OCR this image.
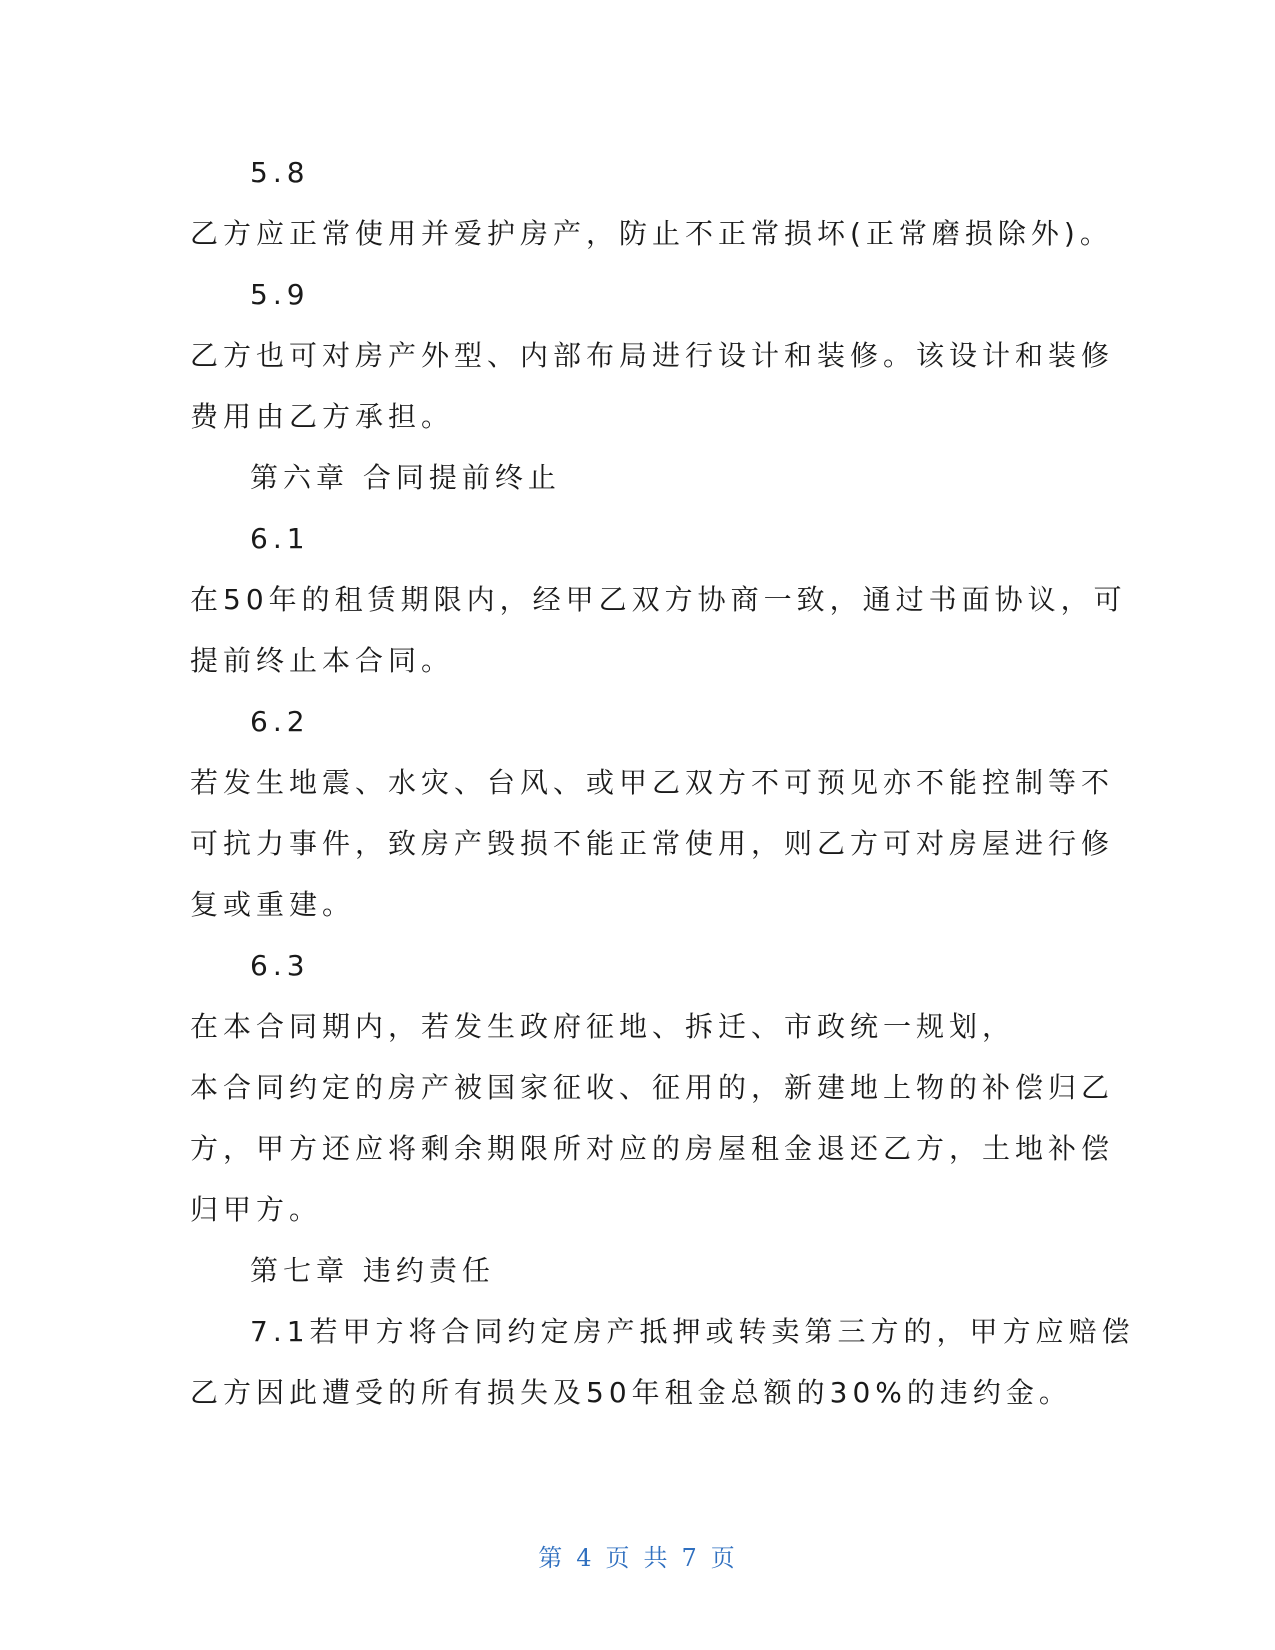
5.8
乙方应正常使用并爱护房产，防止不正常损坏(正常磨损除外)。
5.9
乙方也可对房产外型、内部布局进行设计和装修。该设计和装修
费用由乙方承担。
第六章 合同提前终止
6.1
在50年的租赁期限内，经甲乙双方协商一致，通过书面协议，可
提前终止本合同。
6.2
若发生地震、水灾、台风、或甲乙双方不可预见亦不能控制等不
可抗力事件，致房产毁损不能正常使用，则乙方可对房屋进行修
复或重建。
6.3
在本合同期内，若发生政府征地、拆迁、市政统一规划，
本合同约定的房产被国家征收、征用的，新建地上物的补偿归乙
方，甲方还应将剩余期限所对应的房屋租金退还乙方，土地补偿
归甲方。
第七章 违约责任
7.1若甲方将合同约定房产抵押或转卖第三方的，甲方应赔偿
乙方因此遭受的所有损失及50年租金总额的30%的违约金。
第 4 页 共 7 页
